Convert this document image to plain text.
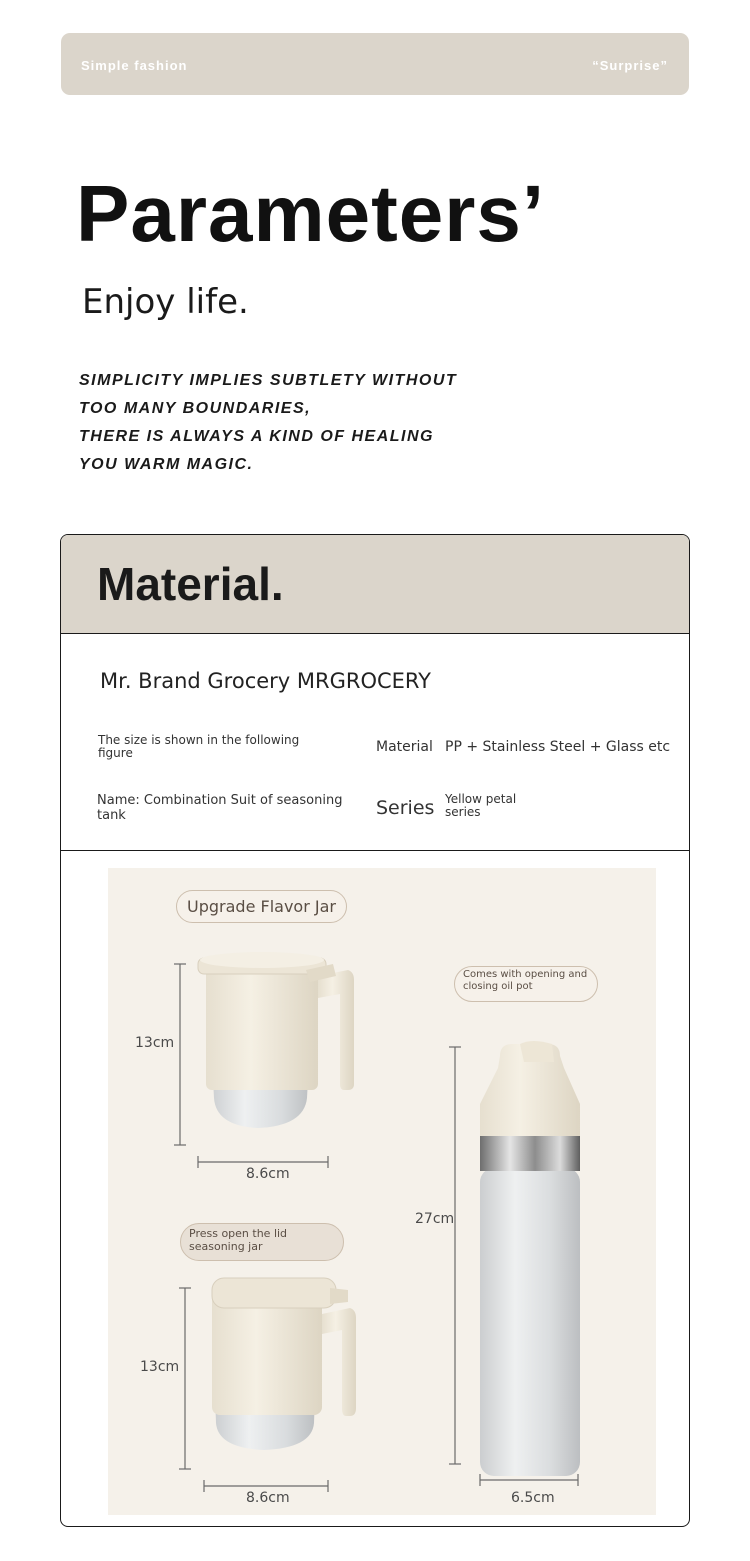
Simple fashion	“Surprise”
Parameters’
Enjoy life.
SIMPLICITY IMPLIES SUBTLETY WITHOUT
TOO MANY BOUNDARIES,
THERE IS ALWAYS A KIND OF HEALING
YOU WARM MAGIC.
Material.
Mr. Brand Grocery MRGROCERY
The size is shown in the following
figure	Material PP + Stainless Steel + Glass etc
Name: Combination Suit of seasoning
tank	Series Yellow petal
series
Upgrade Flavor Jar
Comes with opening and
closing oil pot
Press open the lid
seasoning jar
13cm
8.6cm
13cm
8.6cm
27cm
6.5cm
